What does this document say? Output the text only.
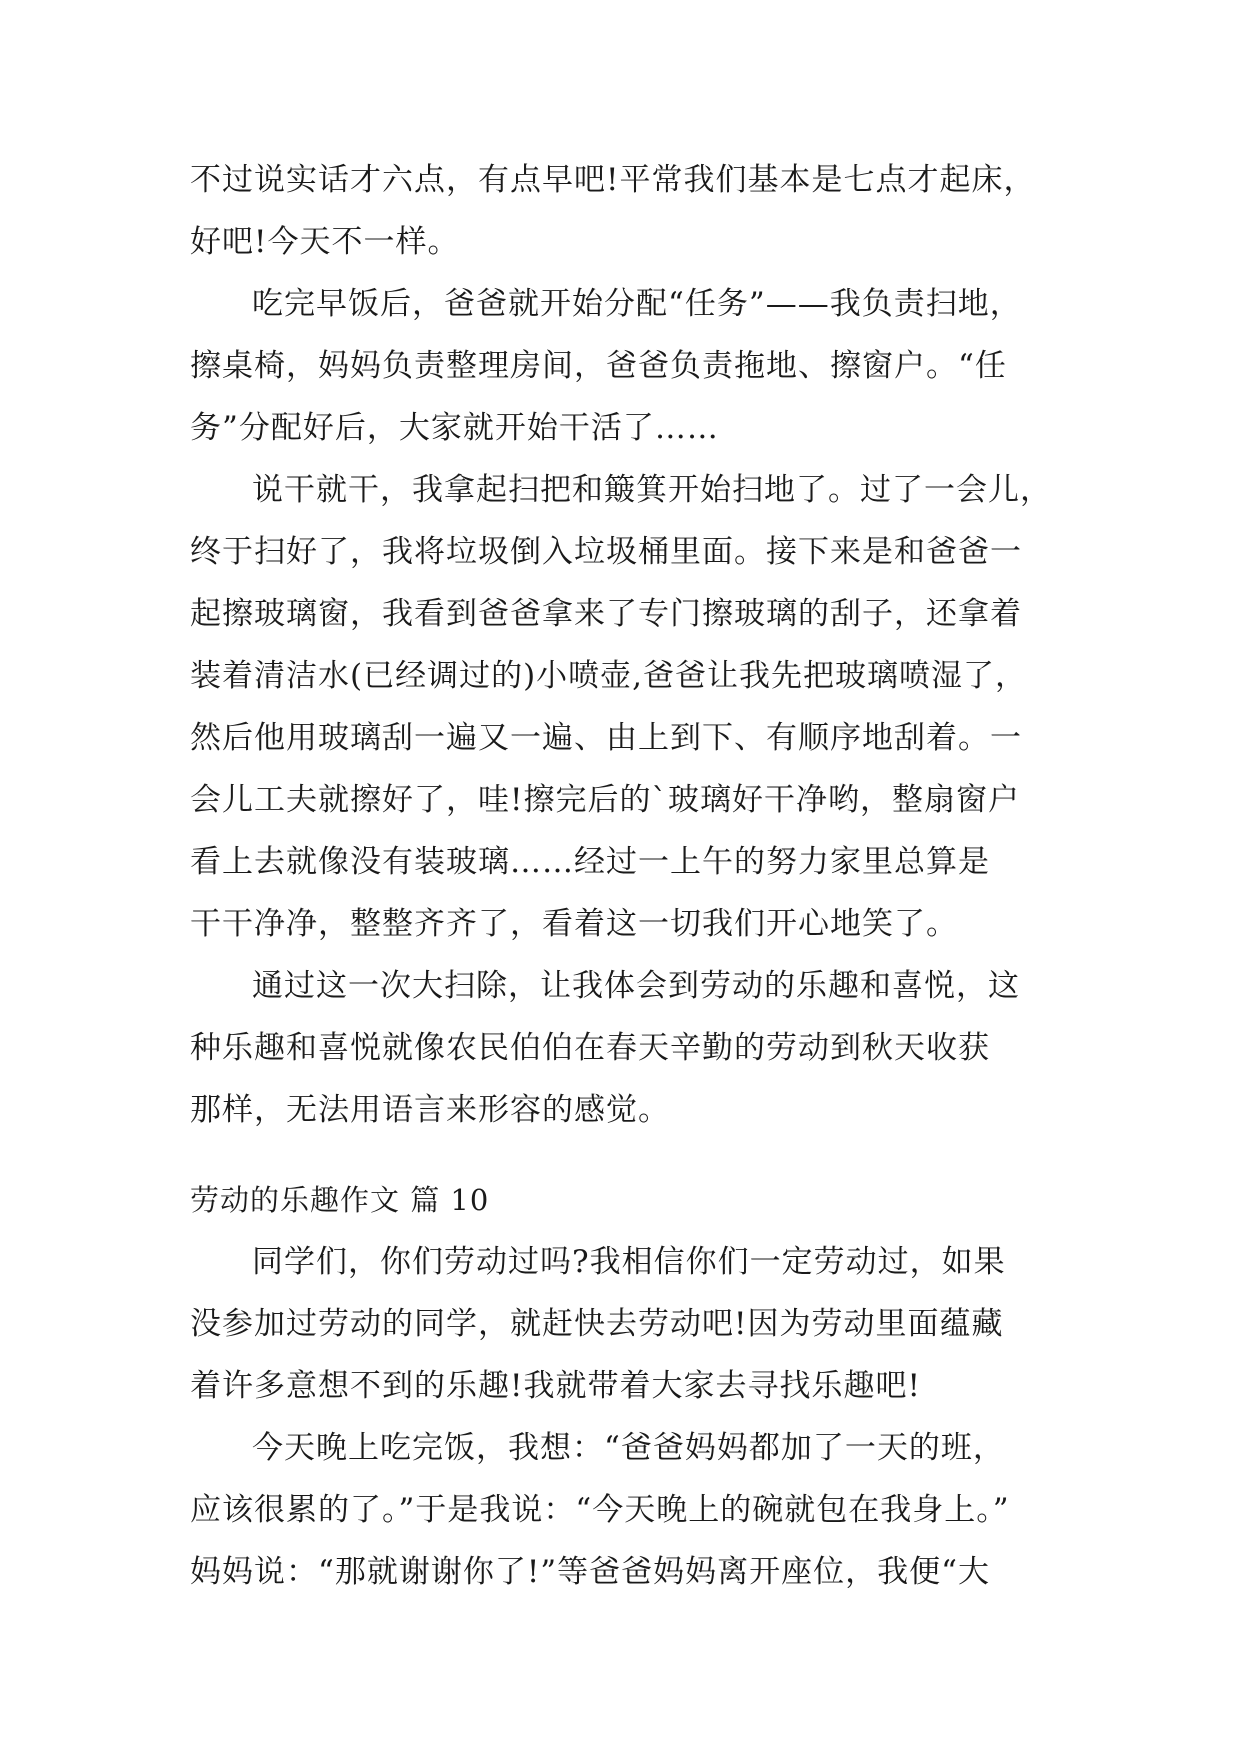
不过说实话才六点，有点早吧!平常我们基本是七点才起床，
好吧!今天不一样。
吃完早饭后，爸爸就开始分配“任务”——我负责扫地，
擦桌椅，妈妈负责整理房间，爸爸负责拖地、擦窗户。“任
务”分配好后，大家就开始干活了……
说干就干，我拿起扫把和簸箕开始扫地了。过了一会儿，
终于扫好了，我将垃圾倒入垃圾桶里面。接下来是和爸爸一
起擦玻璃窗，我看到爸爸拿来了专门擦玻璃的刮子，还拿着
装着清洁水(已经调过的)小喷壶,爸爸让我先把玻璃喷湿了，
然后他用玻璃刮一遍又一遍、由上到下、有顺序地刮着。一
会儿工夫就擦好了，哇!擦完后的`玻璃好干净哟，整扇窗户
看上去就像没有装玻璃……经过一上午的努力家里总算是
干干净净，整整齐齐了，看着这一切我们开心地笑了。
通过这一次大扫除，让我体会到劳动的乐趣和喜悦，这
种乐趣和喜悦就像农民伯伯在春天辛勤的劳动到秋天收获
那样，无法用语言来形容的感觉。
劳动的乐趣作文 篇 10
同学们，你们劳动过吗?我相信你们一定劳动过，如果
没参加过劳动的同学，就赶快去劳动吧!因为劳动里面蕴藏
着许多意想不到的乐趣!我就带着大家去寻找乐趣吧!
今天晚上吃完饭，我想：“爸爸妈妈都加了一天的班，
应该很累的了。”于是我说：“今天晚上的碗就包在我身上。”
妈妈说：“那就谢谢你了!”等爸爸妈妈离开座位，我便“大
